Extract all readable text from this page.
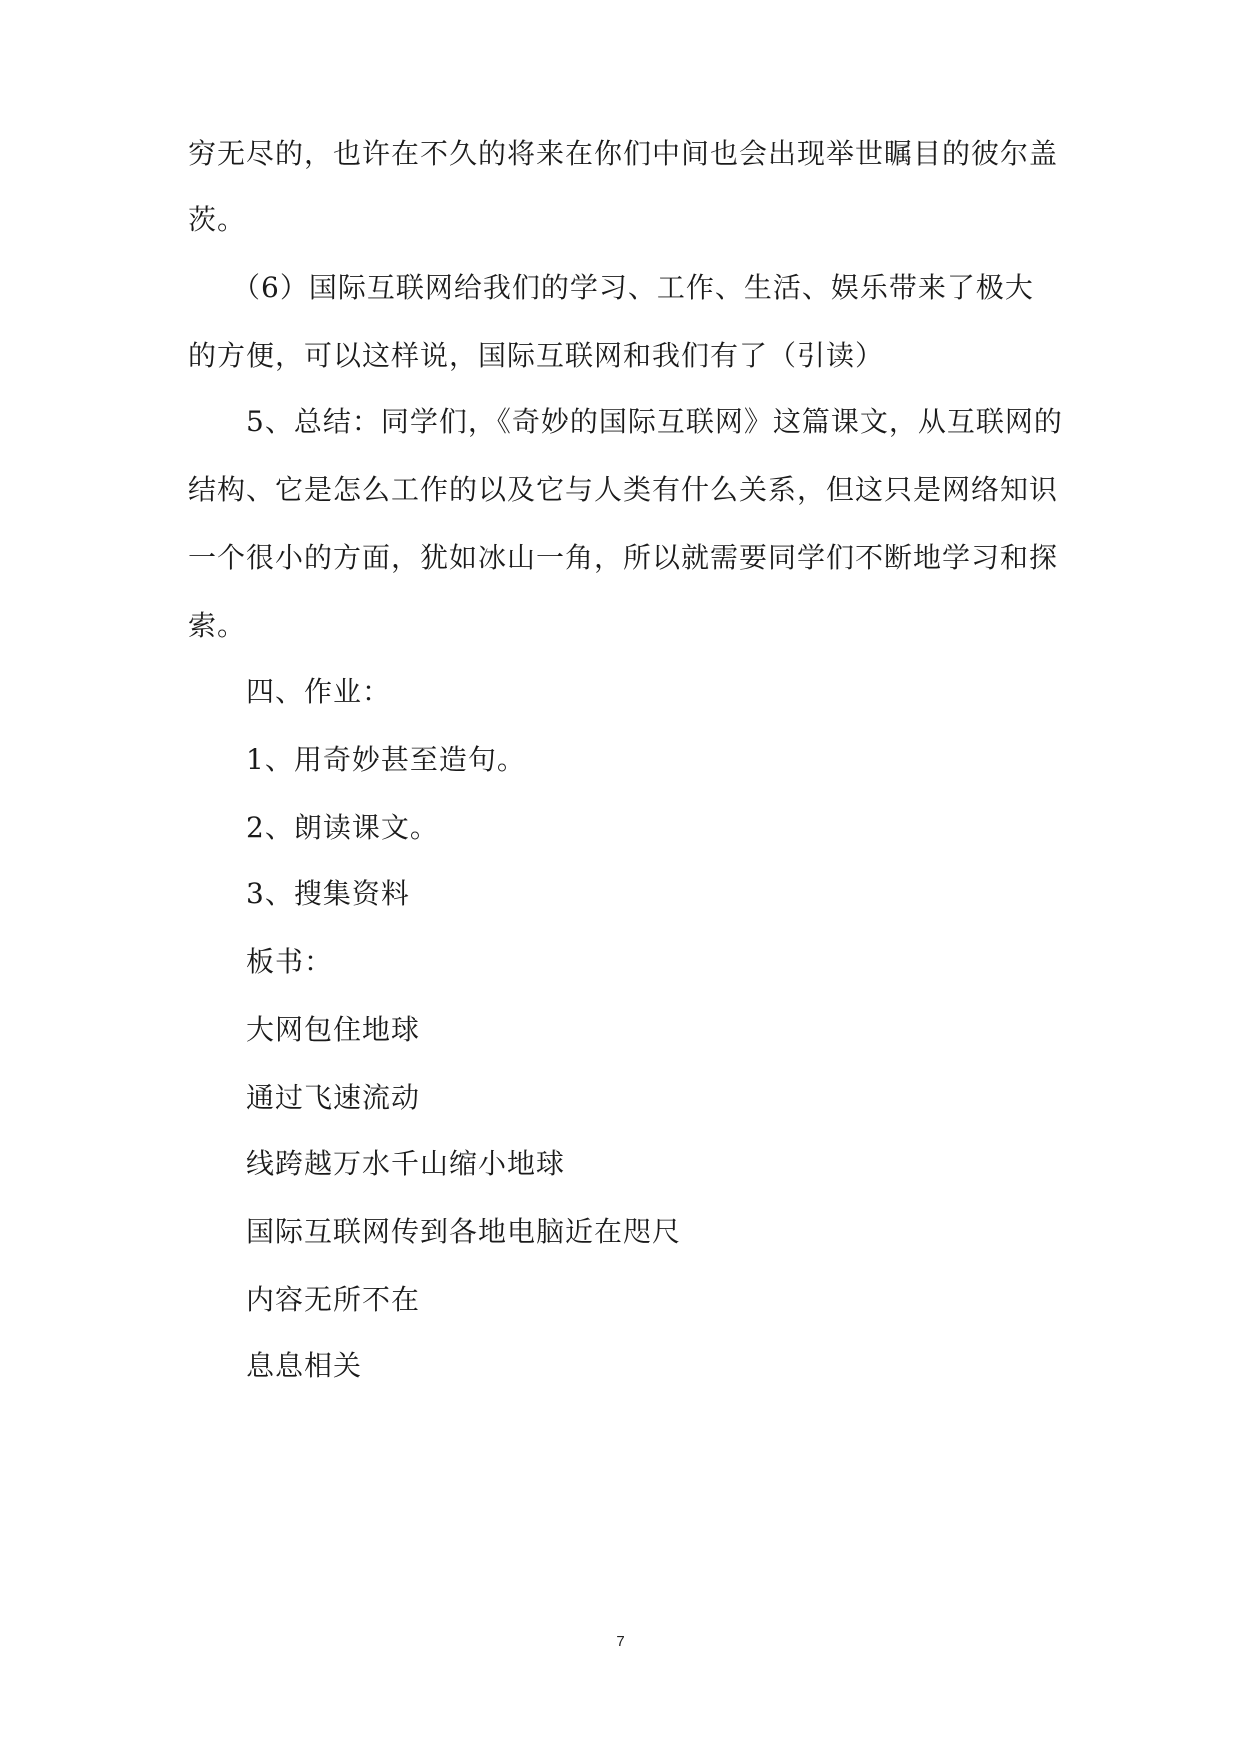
穷无尽的，也许在不久的将来在你们中间也会出现举世瞩目的彼尔盖
茨。
（6）国际互联网给我们的学习、工作、生活、娱乐带来了极大
的方便，可以这样说，国际互联网和我们有了（引读）
5、总结：同学们，《奇妙的国际互联网》这篇课文，从互联网的
结构、它是怎么工作的以及它与人类有什么关系，但这只是网络知识
一个很小的方面，犹如冰山一角，所以就需要同学们不断地学习和探
索。
四、作业：
1、用奇妙甚至造句。
2、朗读课文。
3、搜集资料
板书：
大网包住地球
通过飞速流动
线跨越万水千山缩小地球
国际互联网传到各地电脑近在咫尺
内容无所不在
息息相关
7
